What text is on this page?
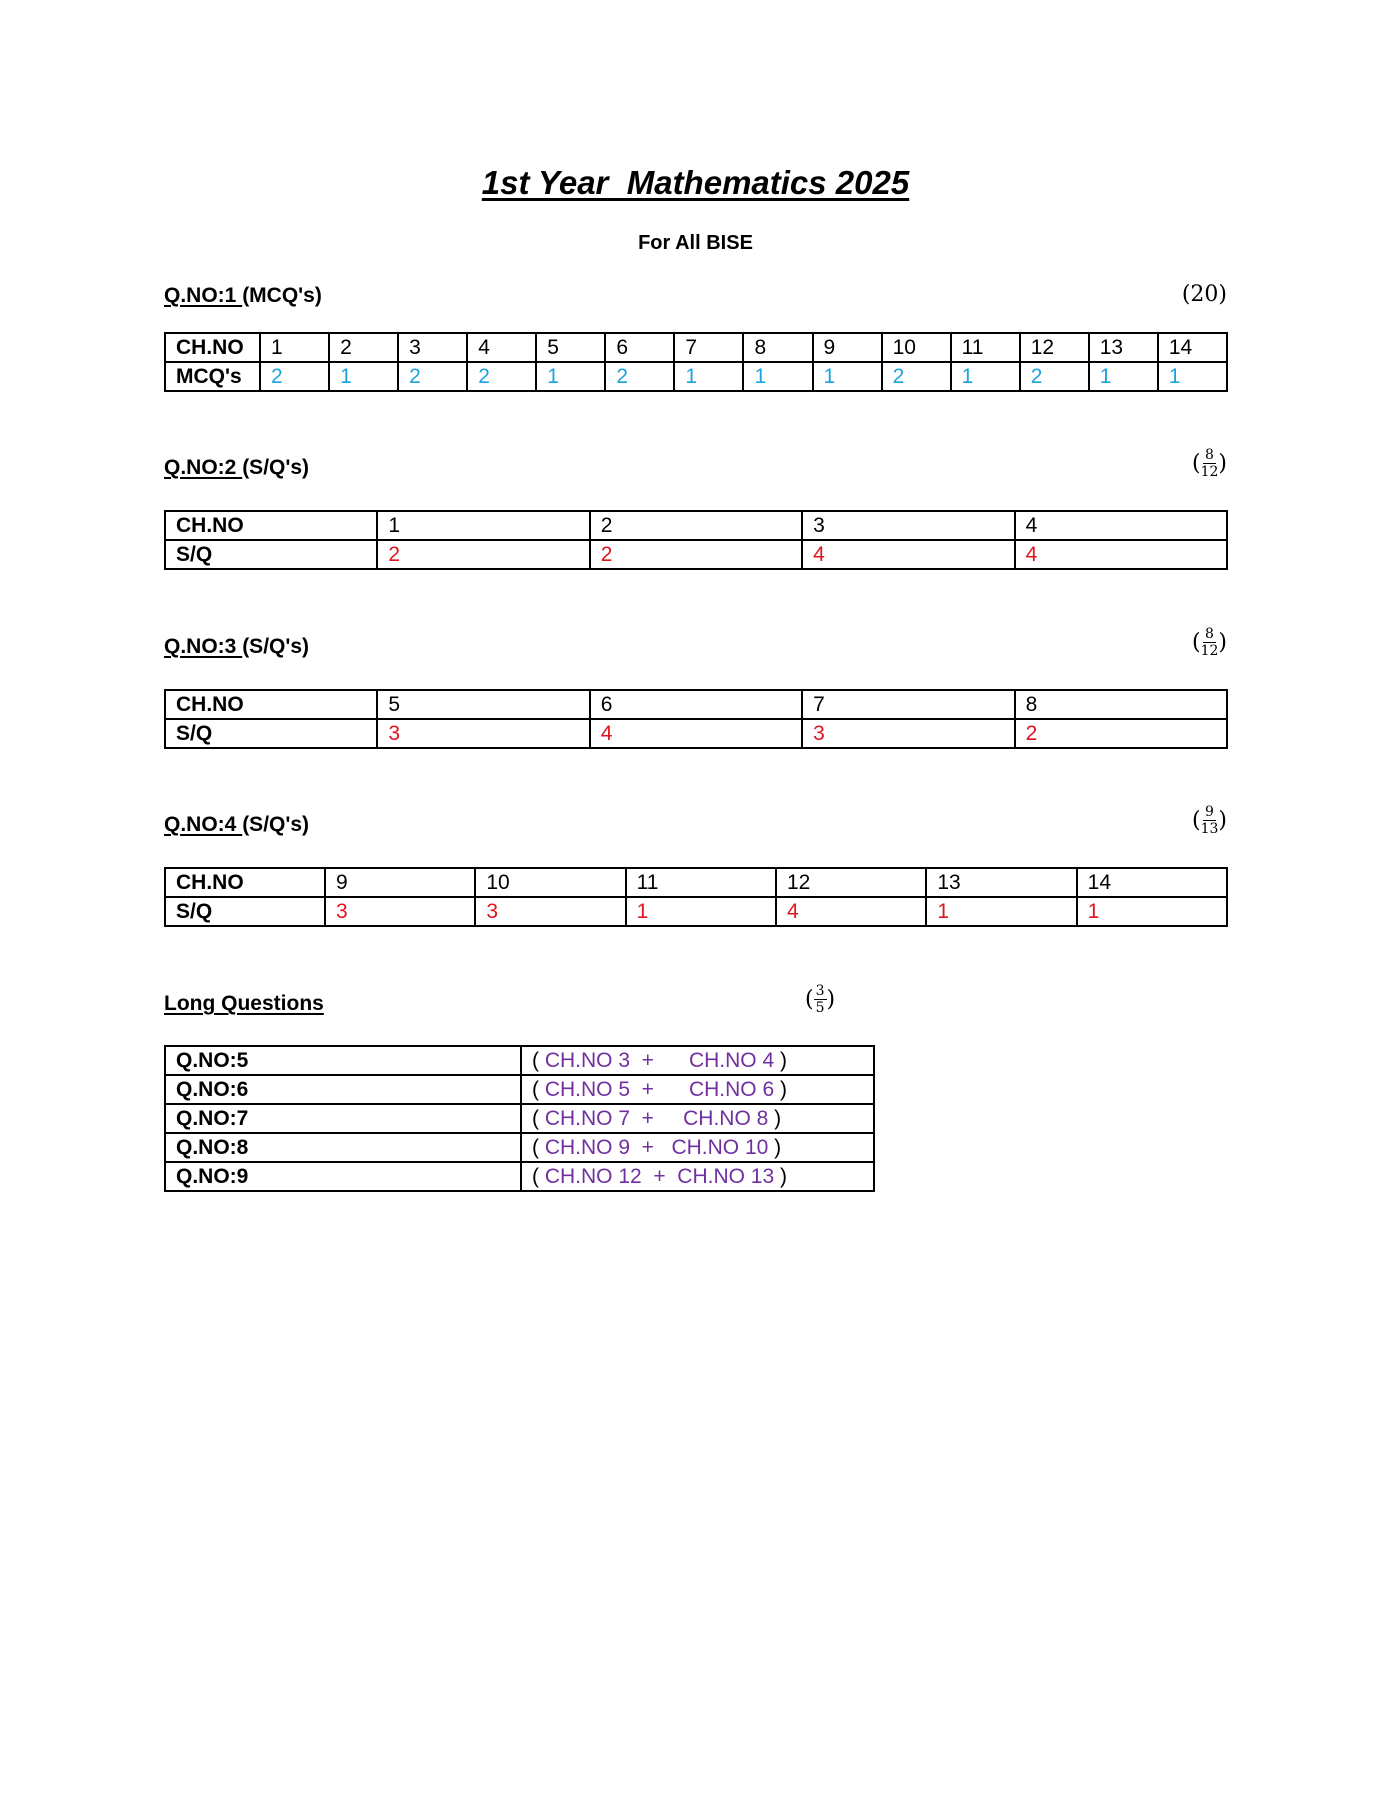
1st Year  Mathematics 2025
For All BISE
Q.NO:1 (MCQ's)	(20)
CH.NO	1	2	3	4	5	6	7	8	9	10	11	12	13	14
MCQ's	2	1	2	2	1	2	1	1	1	2	1	2	1	1
Q.NO:2 (S/Q's)	( $\frac{8}{12}$ )
CH.NO	1	2	3	4
S/Q	2	2	4	4
Q.NO:3 (S/Q's)	( $\frac{8}{12}$ )
CH.NO	5	6	7	8
S/Q	3	4	3	2
Q.NO:4 (S/Q's)	( $\frac{9}{13}$ )
CH.NO	9	10	11	12	13	14
S/Q	3	3	1	4	1	1
Long Questions	( $\frac{3}{5}$ )
Q.NO:5	( CH.NO 3  +      CH.NO 4 )
Q.NO:6	( CH.NO 5  +      CH.NO 6 )
Q.NO:7	( CH.NO 7  +     CH.NO 8 )
Q.NO:8	( CH.NO 9  +   CH.NO 10 )
Q.NO:9	( CH.NO 12  +  CH.NO 13 )
